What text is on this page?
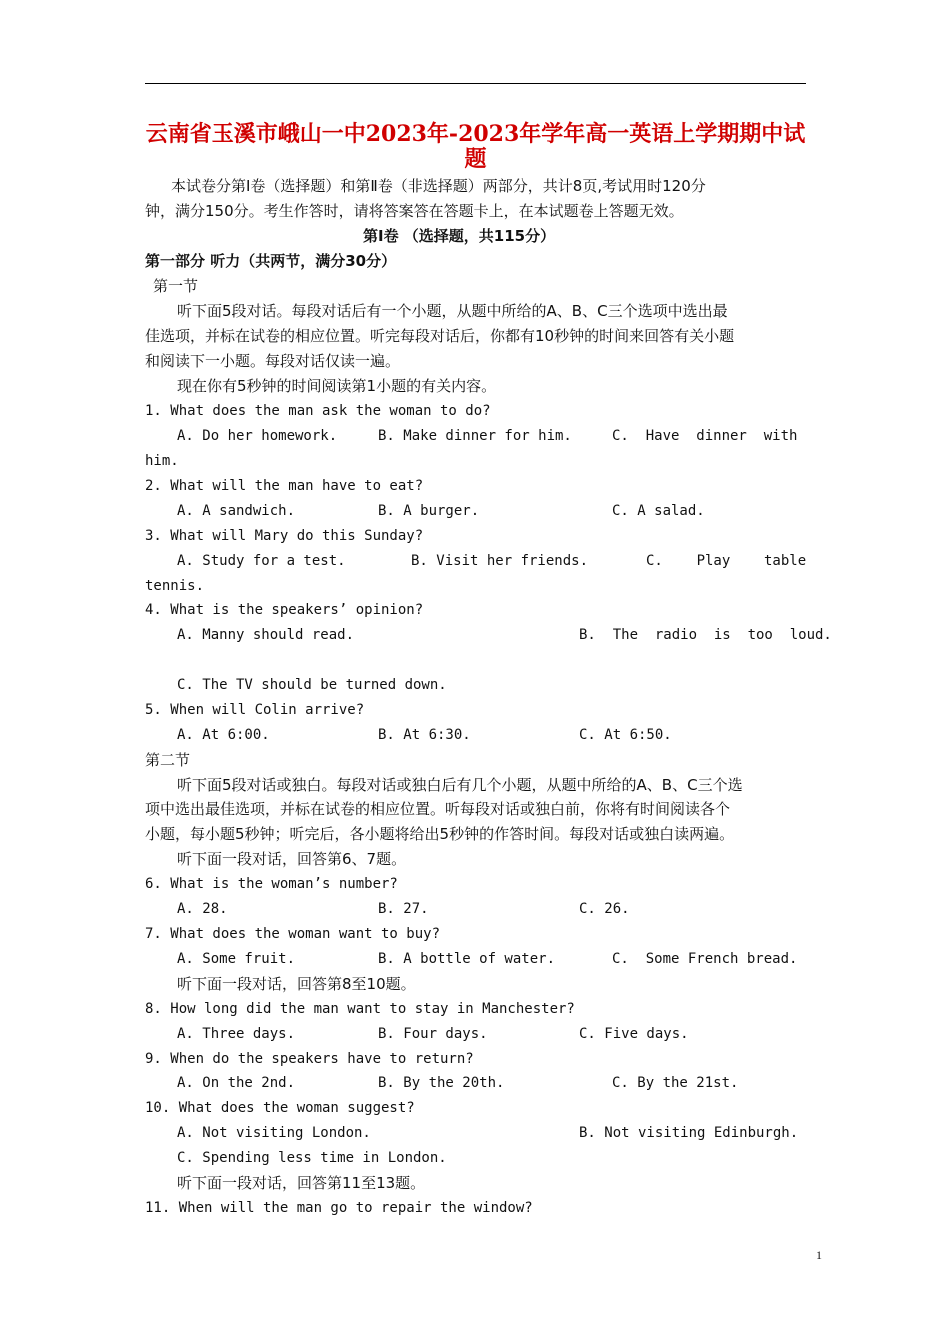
云南省玉溪市峨山一中2023年-2023年学年高一英语上学期期中试
题
本试卷分第Ⅰ卷（选择题）和第Ⅱ卷（非选择题）两部分，共计8页,考试用时120分
钟，满分150分。考生作答时，请将答案答在答题卡上，在本试题卷上答题无效。
第Ⅰ卷 （选择题，共115分）
第一部分 听力（共两节，满分30分）
第一节
听下面5段对话。每段对话后有一个小题，从题中所给的A、B、C三个选项中选出最
佳选项，并标在试卷的相应位置。听完每段对话后，你都有10秒钟的时间来回答有关小题
和阅读下一小题。每段对话仅读一遍。
现在你有5秒钟的时间阅读第1小题的有关内容。
1. What does the man ask the woman to do?
A. Do her homework.	B. Make dinner for him.	C.  Have  dinner  with
him.
2. What will the man have to eat?
A. A sandwich.	B. A burger.	C. A salad.
3. What will Mary do this Sunday?
A. Study for a test.	B. Visit her friends.	C.    Play    table
tennis.
4. What is the speakers’ opinion?
A. Manny should read.	B.  The  radio  is  too  loud.
C. The TV should be turned down.
5. When will Colin arrive?
A. At 6:00.	B. At 6:30.	C. At 6:50.
第二节
听下面5段对话或独白。每段对话或独白后有几个小题，从题中所给的A、B、C三个选
项中选出最佳选项，并标在试卷的相应位置。听每段对话或独白前，你将有时间阅读各个
小题，每小题5秒钟；听完后，各小题将给出5秒钟的作答时间。每段对话或独白读两遍。
听下面一段对话，回答第6、7题。
6. What is the woman’s number?
A. 28.	B. 27.	C. 26.
7. What does the woman want to buy?
A. Some fruit.	B. A bottle of water.	C.  Some French bread.
听下面一段对话，回答第8至10题。
8. How long did the man want to stay in Manchester?
A. Three days.	B. Four days.	C. Five days.
9. When do the speakers have to return?
A. On the 2nd.	B. By the 20th.	C. By the 21st.
10. What does the woman suggest?
A. Not visiting London.	B. Not visiting Edinburgh.
C. Spending less time in London.
听下面一段对话，回答第11至13题。
11. When will the man go to repair the window?
1
